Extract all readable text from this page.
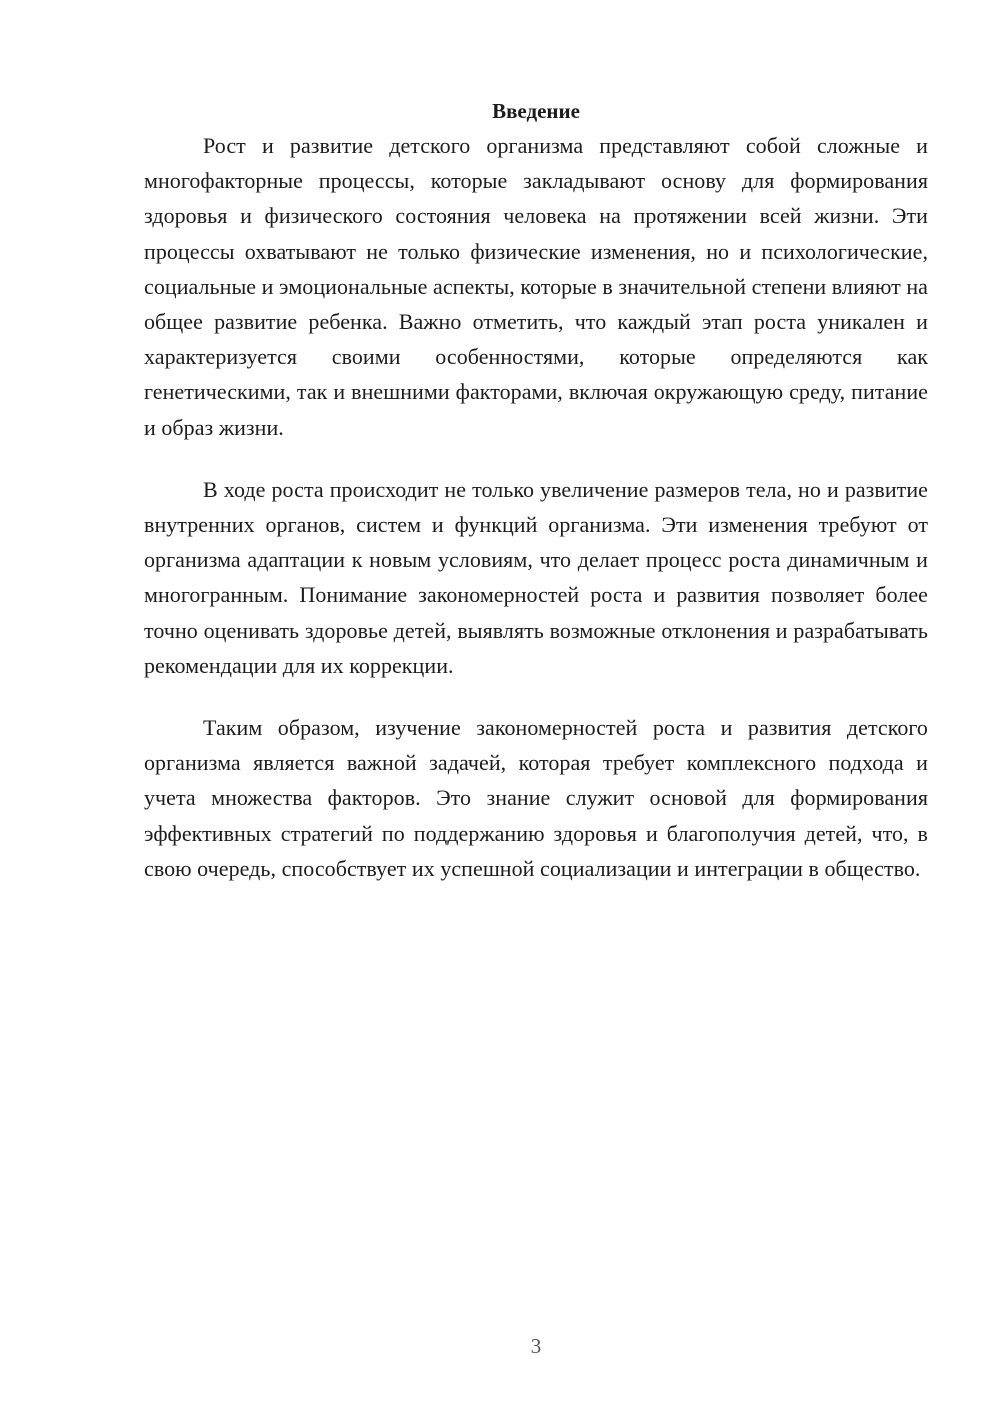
Введение

Рост и развитие детского организма представляют собой сложные и многофакторные процессы, которые закладывают основу для формирования здоровья и физического состояния человека на протяжении всей жизни. Эти процессы охватывают не только физические изменения, но и психологические, социальные и эмоциональные аспекты, которые в значительной степени влияют на общее развитие ребенка. Важно отметить, что каждый этап роста уникален и характеризуется своими особенностями, которые определяются как генетическими, так и внешними факторами, включая окружающую среду, питание и образ жизни.

В ходе роста происходит не только увеличение размеров тела, но и развитие внутренних органов, систем и функций организма. Эти изменения требуют от организма адаптации к новым условиям, что делает процесс роста динамичным и многогранным. Понимание закономерностей роста и развития позволяет более точно оценивать здоровье детей, выявлять возможные отклонения и разрабатывать рекомендации для их коррекции.

Таким образом, изучение закономерностей роста и развития детского организма является важной задачей, которая требует комплексного подхода и учета множества факторов. Это знание служит основой для формирования эффективных стратегий по поддержанию здоровья и благополучия детей, что, в свою очередь, способствует их успешной социализации и интеграции в общество.

3
